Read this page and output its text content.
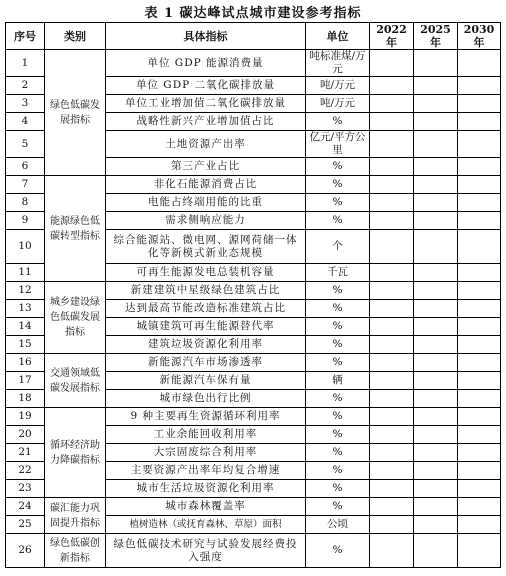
表 1 碳达峰试点城市建设参考指标
序号	类别	具体指标	单位	2022 年	2025 年	2030 年
1	绿色低碳发展指标	单位 GDP 能源消费量	吨标准煤/万元			
2		单位 GDP 二氧化碳排放量	吨/万元			
3		单位工业增加值二氧化碳排放量	吨/万元			
4		战略性新兴产业增加值占比	%			
5		土地资源产出率	亿元/平方公里			
6		第三产业占比	%			
7	能源绿色低碳转型指标	非化石能源消费占比	%			
8		电能占终端用能的比重	%			
9		需求侧响应能力	%			
10		综合能源站、微电网、源网荷储一体化等新模式新业态规模	个			
11		可再生能源发电总装机容量	千瓦			
12	城乡建设绿色低碳发展指标	新建建筑中星级绿色建筑占比	%			
13		达到最高节能改造标准建筑占比	%			
14		城镇建筑可再生能源替代率	%			
15		建筑垃圾资源化利用率	%			
16	交通领域低碳发展指标	新能源汽车市场渗透率	%			
17		新能源汽车保有量	辆			
18		城市绿色出行比例	%			
19	循环经济助力降碳指标	9 种主要再生资源循环利用率	%			
20		工业余能回收利用率	%			
21		大宗固废综合利用率	%			
22		主要资源产出率年均复合增速	%			
23		城市生活垃圾资源化利用率	%			
24	碳汇能力巩固提升指标	城市森林覆盖率	%			
25		植树造林（或抚育森林、草原）面积	公顷			
26	绿色低碳创新指标	绿色低碳技术研究与试验发展经费投入强度	%			
